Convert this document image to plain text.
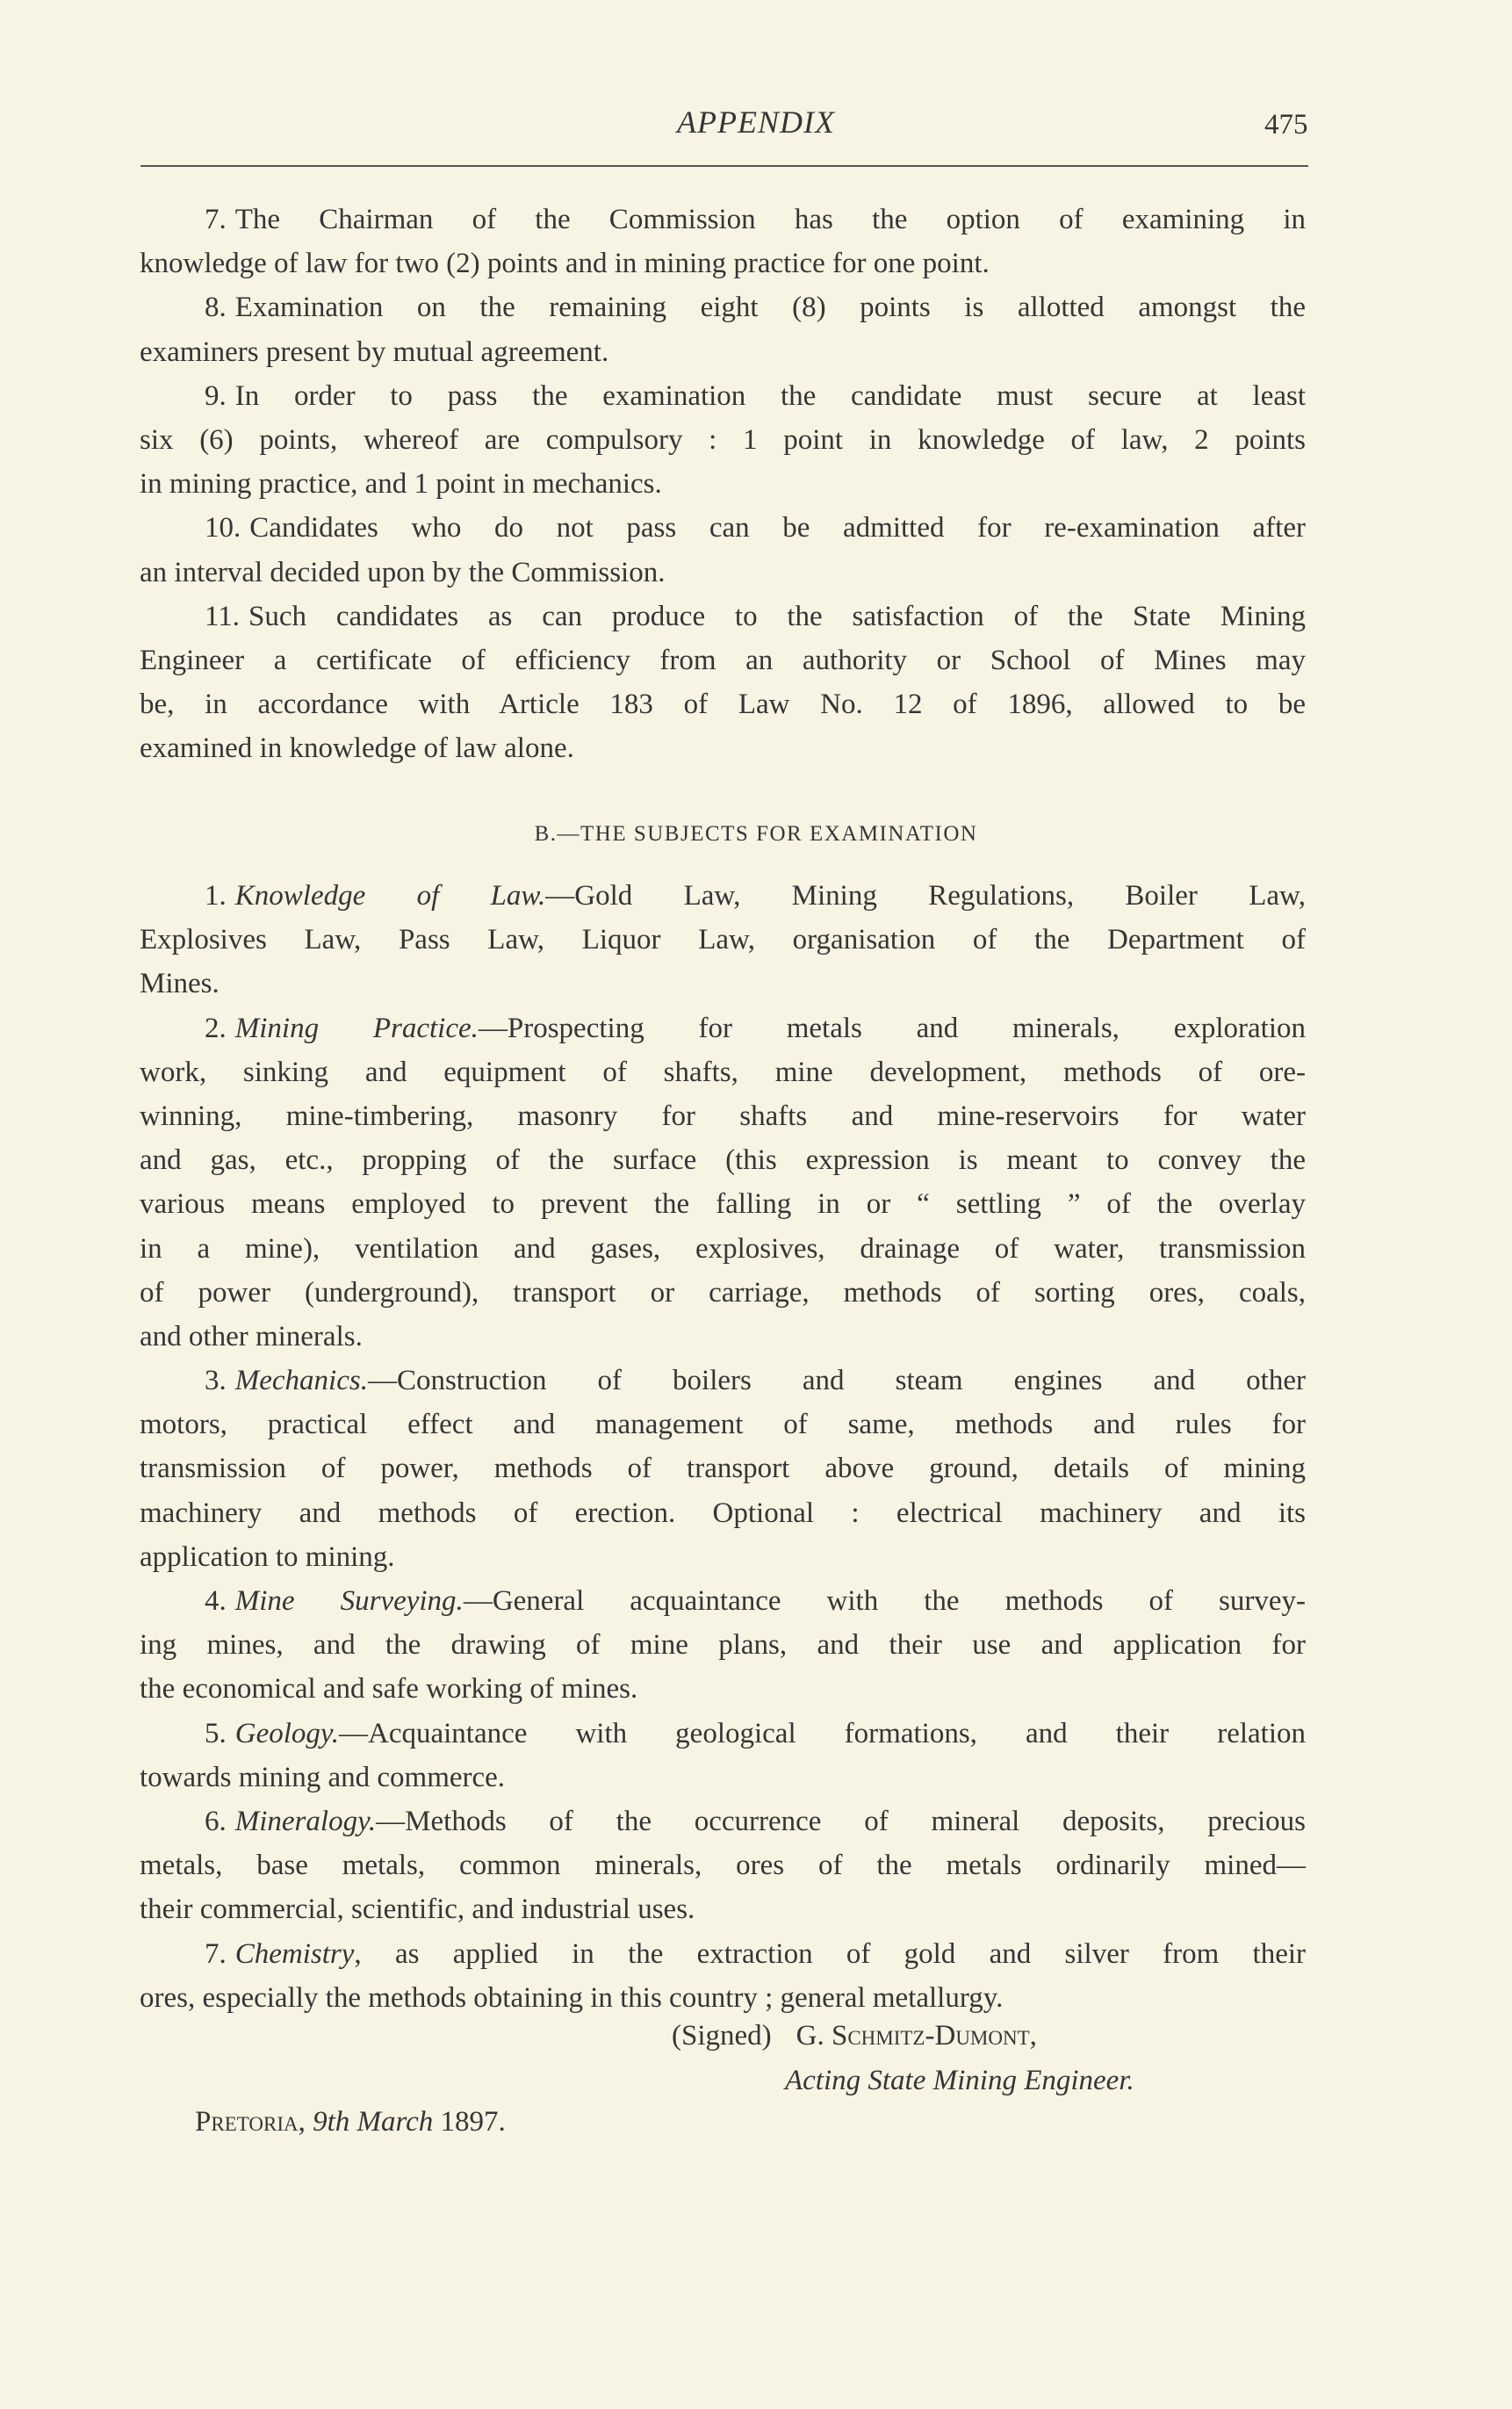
APPENDIX	475
7. The Chairman of the Commission has the option of examining in
knowledge of law for two (2) points and in mining practice for one point.
8. Examination on the remaining eight (8) points is allotted amongst the
examiners present by mutual agreement.
9. In order to pass the examination the candidate must secure at least
six (6) points, whereof are compulsory : 1 point in knowledge of law, 2 points
in mining practice, and 1 point in mechanics.
10. Candidates who do not pass can be admitted for re-examination after
an interval decided upon by the Commission.
11. Such candidates as can produce to the satisfaction of the State Mining
Engineer a certificate of efficiency from an authority or School of Mines may
be, in accordance with Article 183 of Law No. 12 of 1896, allowed to be
examined in knowledge of law alone.
B.—THE SUBJECTS FOR EXAMINATION
1. Knowledge of Law.—Gold Law, Mining Regulations, Boiler Law,
Explosives Law, Pass Law, Liquor Law, organisation of the Department of
Mines.
2. Mining Practice.—Prospecting for metals and minerals, exploration
work, sinking and equipment of shafts, mine development, methods of ore-
winning, mine-timbering, masonry for shafts and mine-reservoirs for water
and gas, etc., propping of the surface (this expression is meant to convey the
various means employed to prevent the falling in or “ settling ” of the overlay
in a mine), ventilation and gases, explosives, drainage of water, transmission
of power (underground), transport or carriage, methods of sorting ores, coals,
and other minerals.
3. Mechanics.—Construction of boilers and steam engines and other
motors, practical effect and management of same, methods and rules for
transmission of power, methods of transport above ground, details of mining
machinery and methods of erection. Optional : electrical machinery and its
application to mining.
4. Mine Surveying.—General acquaintance with the methods of survey-
ing mines, and the drawing of mine plans, and their use and application for
the economical and safe working of mines.
5. Geology.—Acquaintance with geological formations, and their relation
towards mining and commerce.
6. Mineralogy.—Methods of the occurrence of mineral deposits, precious
metals, base metals, common minerals, ores of the metals ordinarily mined—
their commercial, scientific, and industrial uses.
7. Chemistry, as applied in the extraction of gold and silver from their
ores, especially the methods obtaining in this country ; general metallurgy.
(Signed) G. Schmitz-Dumont,
Acting State Mining Engineer.
Pretoria, 9th March 1897.
